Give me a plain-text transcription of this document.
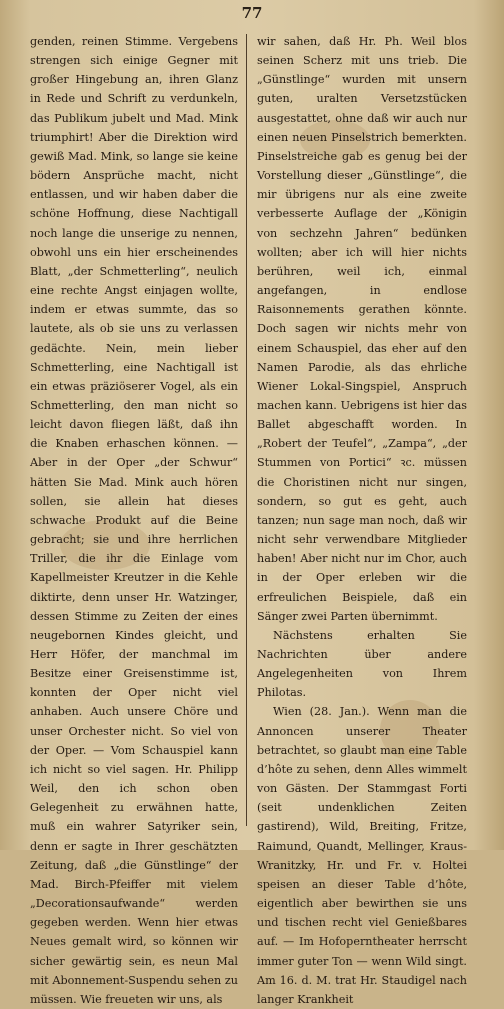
77

genden, reinen Stimme. Vergebens strengen sich einige Gegner mit großer Hingebung an, ihren Glanz in Rede und Schrift zu verdunkeln, das Publikum jubelt und Mad. Mink triumphirt! Aber die Direktion wird gewiß Mad. Mink, so lange sie keine bödern Ansprüche macht, nicht entlassen, und wir haben daber die schöne Hoffnung, diese Nachtigall noch lange die unserige zu nennen, obwohl uns ein hier erscheinendes Blatt, „der Schmetterling“, neulich eine rechte Angst einjagen wollte, indem er etwas summte, das so lautete, als ob sie uns zu verlassen gedächte. Nein, mein lieber Schmetterling, eine Nachtigall ist ein etwas präziöserer Vogel, als ein Schmetterling, den man nicht so leicht davon fliegen läßt, daß ihn die Knaben erhaschen können. — Aber in der Oper „der Schwur“ hätten Sie Mad. Mink auch hören sollen, sie allein hat dieses schwache Produkt auf die Beine gebracht; sie und ihre herrlichen Triller, die ihr die Einlage vom Kapellmeister Kreutzer in die Kehle diktirte, denn unser Hr. Watzinger, dessen Stimme zu Zeiten der eines neugebornen Kindes gleicht, und Herr Höfer, der manchmal im Besitze einer Greisenstimme ist, konnten der Oper nicht viel anhaben. Auch unsere Chöre und unser Orchester nicht. So viel von der Oper. — Vom Schauspiel kann ich nicht so viel sagen. Hr. Philipp Weil, den ich schon oben Gelegenheit zu erwähnen hatte, muß ein wahrer Satyriker sein, denn er sagte in Ihrer geschätzten Zeitung, daß „die Günstlinge“ der Mad. Birch-Pfeiffer mit vielem „Decorationsaufwande“ werden gegeben werden. Wenn hier etwas Neues gemalt wird, so können wir sicher gewärtig sein, es neun Mal mit Abonnement-Suspendu sehen zu müssen. Wie freueten wir uns, als

wir sahen, daß Hr. Ph. Weil blos seinen Scherz mit uns trieb. Die „Günstlinge“ wurden mit unsern guten, uralten Versetzstücken ausgestattet, ohne daß wir auch nur einen neuen Pinselstrich bemerkten. Pinselstreiche gab es genug bei der Vorstellung dieser „Günstlinge“, die mir übrigens nur als eine zweite verbesserte Auflage der „Königin von sechzehn Jahren“ bedünken wollten; aber ich will hier nichts berühren, weil ich, einmal angefangen, in endlose Raisonnements gerathen könnte. Doch sagen wir nichts mehr von einem Schauspiel, das eher auf den Namen Parodie, als das ehrliche Wiener Lokal-Singspiel, Anspruch machen kann. Uebrigens ist hier das Ballet abgeschafft worden. In „Robert der Teufel“, „Zampa“, „der Stummen von Portici“ ꝛc. müssen die Choristinen nicht nur singen, sondern, so gut es geht, auch tanzen; nun sage man noch, daß wir nicht sehr verwendbare Mitglieder haben! Aber nicht nur im Chor, auch in der Oper erleben wir die erfreulichen Beispiele, daß ein Sänger zwei Parten übernimmt.

Nächstens erhalten Sie Nachrichten über andere Angelegenheiten von Ihrem Philotas.

Wien (28. Jan.). Wenn man die Annoncen unserer Theater betrachtet, so glaubt man eine Table d’hôte zu sehen, denn Alles wimmelt von Gästen. Der Stammgast Forti (seit undenklichen Zeiten gastirend), Wild, Breiting, Fritze, Raimund, Quandt, Mellinger, Kraus-Wranitzky, Hr. und Fr. v. Holtei speisen an dieser Table d’hôte, eigentlich aber bewirthen sie uns und tischen recht viel Genießbares auf. — Im Hofoperntheater herrscht immer guter Ton — wenn Wild singt. Am 16. d. M. trat Hr. Staudigel nach langer Krankheit
